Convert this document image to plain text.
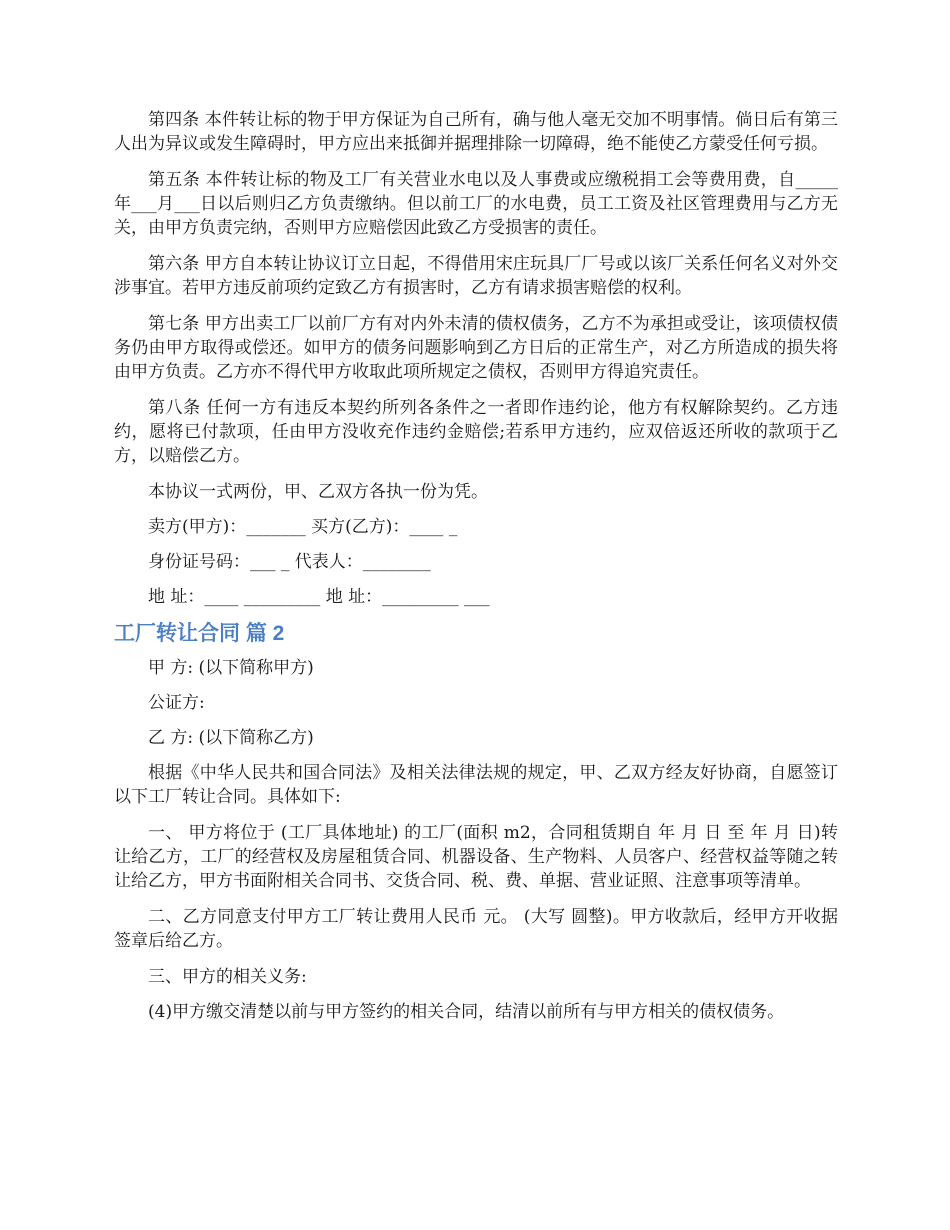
第四条 本件转让标的物于甲方保证为自己所有，确与他人毫无交加不明事情。倘日后有第三人出为异议或发生障碍时，甲方应出来抵御并据理排除一切障碍，绝不能使乙方蒙受任何亏损。

第五条 本件转让标的物及工厂有关营业水电以及人事费或应缴税捐工会等费用费，自_____年___月___日以后则归乙方负责缴纳。但以前工厂的水电费，员工工资及社区管理费用与乙方无关，由甲方负责完纳，否则甲方应赔偿因此致乙方受损害的责任。

第六条 甲方自本转让协议订立日起，不得借用宋庄玩具厂厂号或以该厂关系任何名义对外交涉事宜。若甲方违反前项约定致乙方有损害时，乙方有请求损害赔偿的权利。

第七条 甲方出卖工厂以前厂方有对内外未清的债权债务，乙方不为承担或受让，该项债权债务仍由甲方取得或偿还。如甲方的债务问题影响到乙方日后的正常生产，对乙方所造成的损失将由甲方负责。乙方亦不得代甲方收取此项所规定之债权，否则甲方得追究责任。

第八条 任何一方有违反本契约所列各条件之一者即作违约论，他方有权解除契约。乙方违约，愿将已付款项，任由甲方没收充作违约金赔偿;若系甲方违约，应双倍返还所收的款项于乙方，以赔偿乙方。

本协议一式两份，甲、乙双方各执一份为凭。

卖方(甲方)：_______ 买方(乙方)：____ _

身份证号码：___ _ 代表人：________

地 址：____ _________ 地 址：_________ ___

工厂转让合同 篇 2

甲 方: (以下简称甲方)

公证方:

乙 方: (以下简称乙方)

根据《中华人民共和国合同法》及相关法律法规的规定，甲、乙双方经友好协商，自愿签订以下工厂转让合同。具体如下:

一、 甲方将位于 (工厂具体地址) 的工厂(面积 m2，合同租赁期自 年 月 日 至 年 月 日)转让给乙方，工厂的经营权及房屋租赁合同、机器设备、生产物料、人员客户、经营权益等随之转让给乙方，甲方书面附相关合同书、交货合同、税、费、单据、营业证照、注意事项等清单。

二、乙方同意支付甲方工厂转让费用人民币 元。 (大写 圆整)。甲方收款后，经甲方开收据签章后给乙方。

三、甲方的相关义务:

(4)甲方缴交清楚以前与甲方签约的相关合同，结清以前所有与甲方相关的债权债务。
